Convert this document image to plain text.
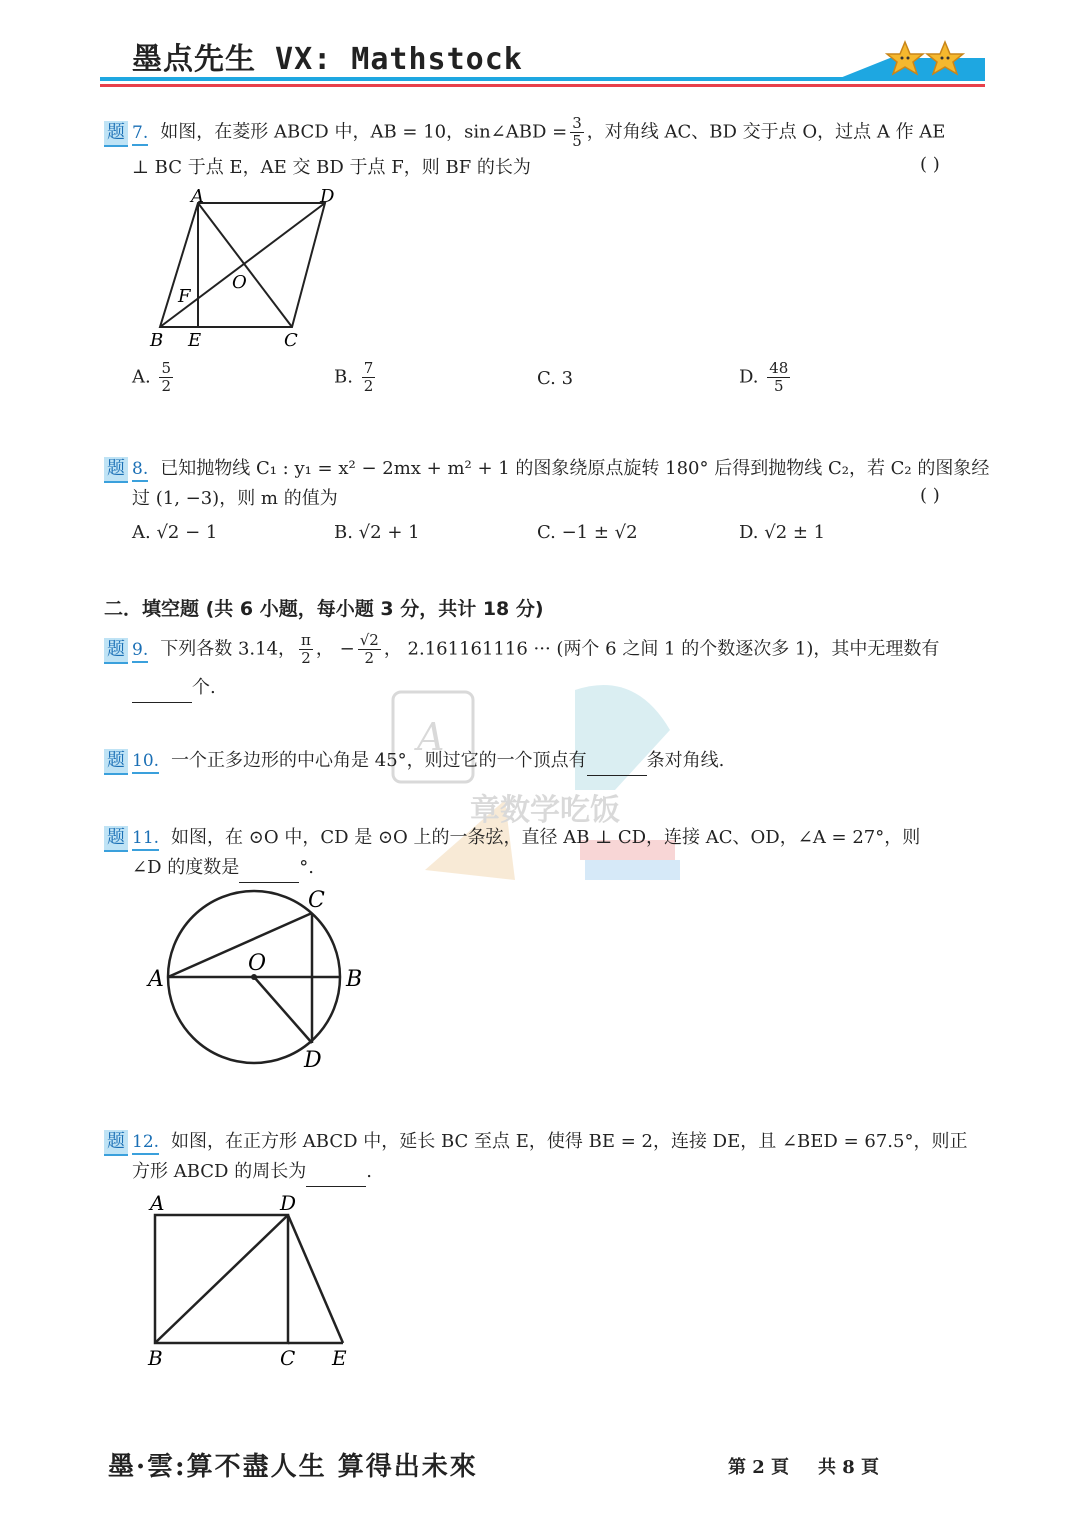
墨点先生 VX: Mathstock
A
章数学吃饭
题 7. 如图，在菱形 ABCD 中，AB = 10，sin∠ABD = $\frac{3}{5}$ ，对角线 AC、BD 交于点 O，过点 A 作 AE
⊥ BC 于点 E，AE 交 BD 于点 F，则 BF 的长为	( )
A	D
O
F
B E	C
A. $\frac{5}{2}$	B. $\frac{7}{2}$	C. 3	D. $\frac{48}{5}$
题 8. 已知抛物线 C₁ : y₁ = x² − 2mx + m² + 1 的图象绕原点旋转 180° 后得到抛物线 C₂，若 C₂ 的图象经
过 (1, −3)，则 m 的值为	( )
A. √2 − 1	B. √2 + 1	C. −1 ± √2	D. √2 ± 1
二．填空题 (共 6 小题，每小题 3 分，共计 18 分)
题 9. 下列各数 3.14， $\frac{\pi}{2}$ ， − $\frac{√2}{2}$ ， 2.161161116 ··· (两个 6 之间 1 的个数逐次多 1)，其中无理数有
个.
题 10. 一个正多边形的中心角是 45°，则过它的一个顶点有	条对角线.
题 11. 如图，在 ⊙O 中，CD 是 ⊙O 上的一条弦，直径 AB ⊥ CD，连接 AC、OD，∠A = 27°，则
∠D 的度数是	°.
C
O
A	B
D
题 12. 如图，在正方形 ABCD 中，延长 BC 至点 E，使得 BE = 2，连接 DE，且 ∠BED = 67.5°，则正
方形 ABCD 的周长为	.
A	D
B	C E
墨·雲:算不盡人生 算得出未來	第 2 頁 共 8 頁
